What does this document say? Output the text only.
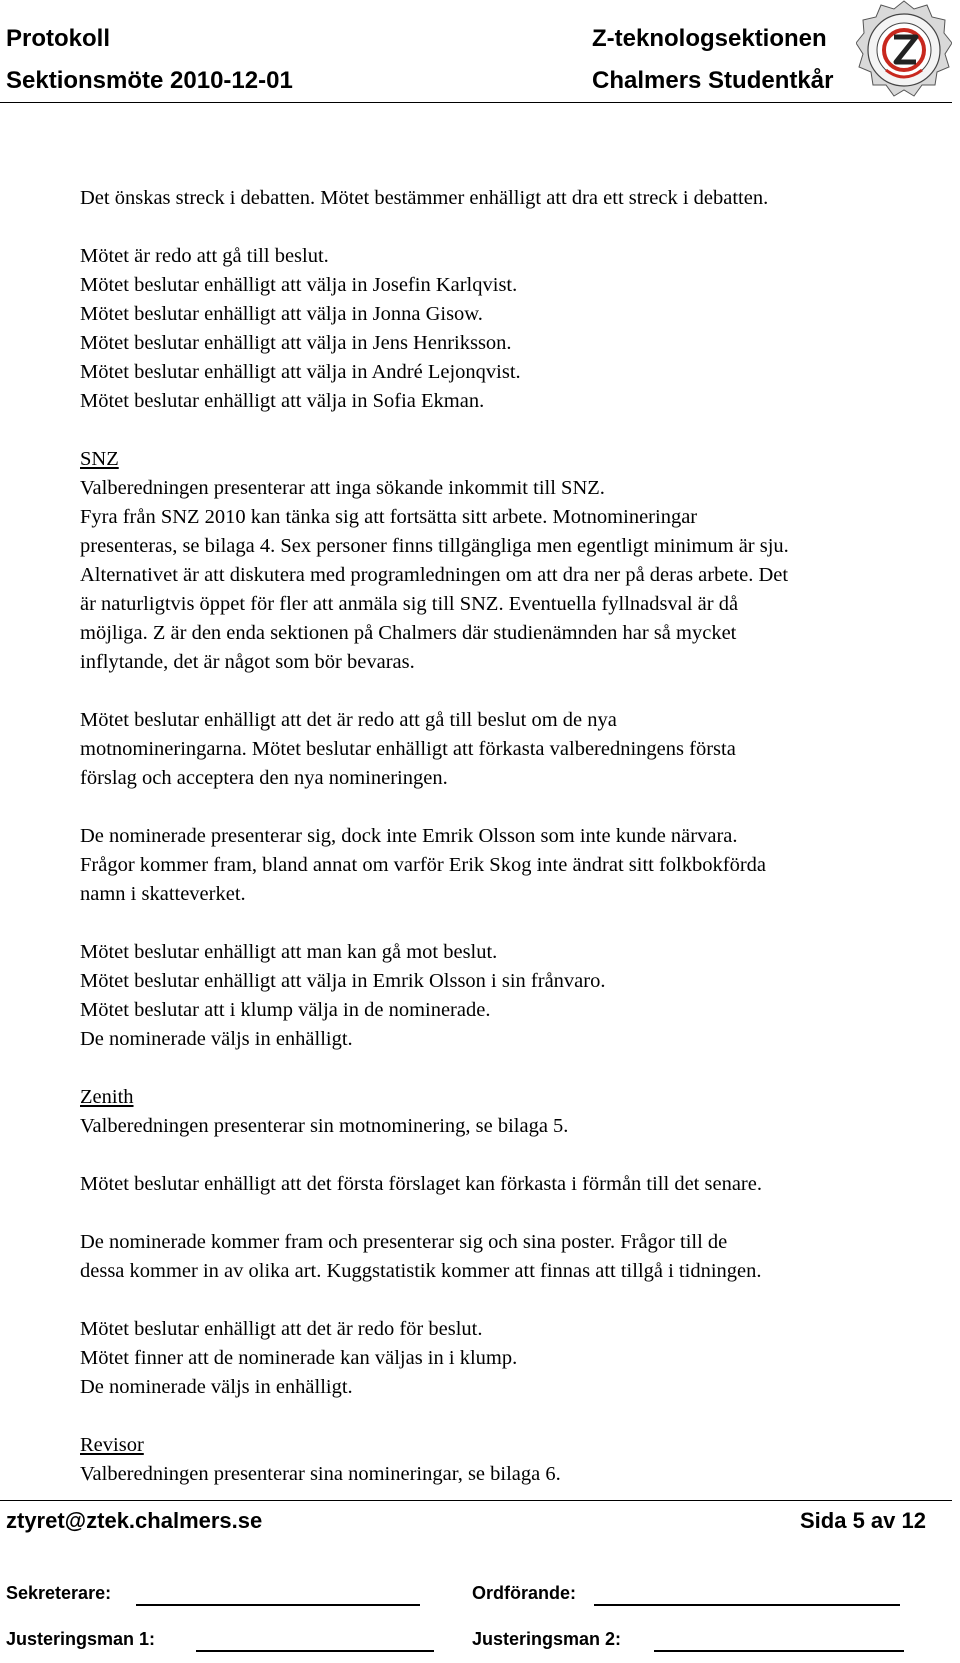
Protokoll
Sektionsmöte 2010-12-01
Z-teknologsektionen
Chalmers Studentkår
Det önskas streck i debatten. Mötet bestämmer enhälligt att dra ett streck i debatten.
Mötet är redo att gå till beslut.
Mötet beslutar enhälligt att välja in Josefin Karlqvist.
Mötet beslutar enhälligt att välja in Jonna Gisow.
Mötet beslutar enhälligt att välja in Jens Henriksson.
Mötet beslutar enhälligt att välja in André Lejonqvist.
Mötet beslutar enhälligt att välja in Sofia Ekman.
SNZ
Valberedningen presenterar att inga sökande inkommit till SNZ.
Fyra från SNZ 2010 kan tänka sig att fortsätta sitt arbete. Motnomineringar
presenteras, se bilaga 4. Sex personer finns tillgängliga men egentligt minimum är sju.
Alternativet är att diskutera med programledningen om att dra ner på deras arbete. Det
är naturligtvis öppet för fler att anmäla sig till SNZ. Eventuella fyllnadsval är då
möjliga. Z är den enda sektionen på Chalmers där studienämnden har så mycket
inflytande, det är något som bör bevaras.
Mötet beslutar enhälligt att det är redo att gå till beslut om de nya
motnomineringarna. Mötet beslutar enhälligt att förkasta valberedningens första
förslag och acceptera den nya nomineringen.
De nominerade presenterar sig, dock inte Emrik Olsson som inte kunde närvara.
Frågor kommer fram, bland annat om varför Erik Skog inte ändrat sitt folkbokförda
namn i skatteverket.
Mötet beslutar enhälligt att man kan gå mot beslut.
Mötet beslutar enhälligt att välja in Emrik Olsson i sin frånvaro.
Mötet beslutar att i klump välja in de nominerade.
De nominerade väljs in enhälligt.
Zenith
Valberedningen presenterar sin motnominering, se bilaga 5.
Mötet beslutar enhälligt att det första förslaget kan förkasta i förmån till det senare.
De nominerade kommer fram och presenterar sig och sina poster. Frågor till de
dessa kommer in av olika art. Kuggstatistik kommer att finnas att tillgå i tidningen.
Mötet beslutar enhälligt att det är redo för beslut.
Mötet finner att de nominerade kan väljas in i klump.
De nominerade väljs in enhälligt.
Revisor
Valberedningen presenterar sina nomineringar, se bilaga 6.
ztyret@ztek.chalmers.se	Sida 5 av 12
Sekreterare:	Ordförande:
Justeringsman 1:	Justeringsman 2:
